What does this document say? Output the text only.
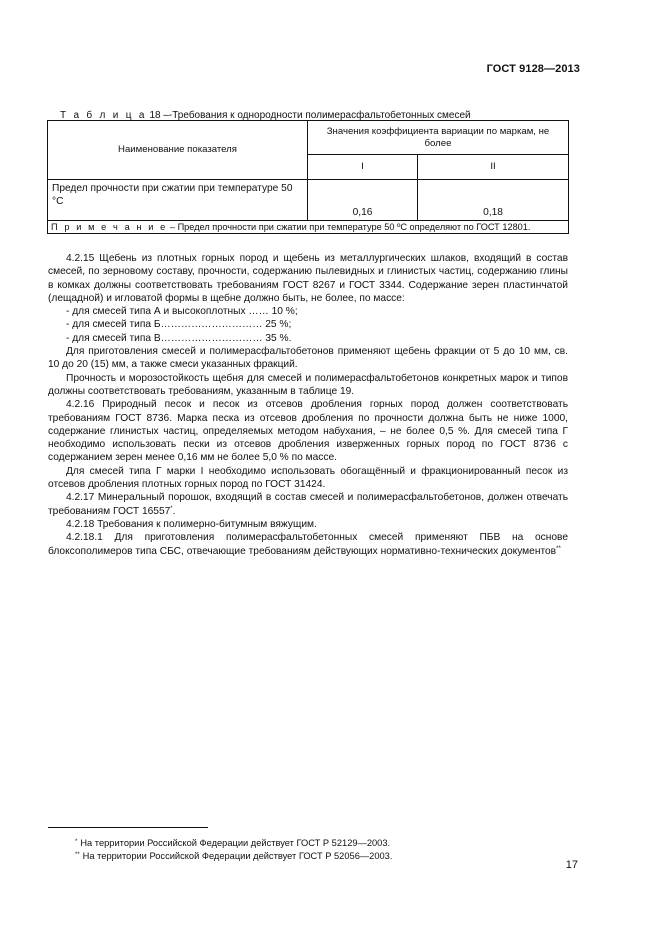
ГОСТ 9128—2013
Т а б л и ц а 18 –-Требования к однородности полимерасфальтобетонных смесей
Наименование показателя	Значения коэффициента вариации по маркам, не более	
	I	II
Предел прочности при сжатии при температуре 50 °С	0,16	0,18
П р и м е ч а н и е – Предел прочности при сжатии при температуре 50 ºС определяют по ГОСТ 12801.		

4.2.15 Щебень из плотных горных пород и щебень из металлургических шлаков, входящий в состав смесей, по зерновому составу, прочности, содержанию пылевидных и глинистых частиц, содержанию глины в комках должны соответствовать требованиям ГОСТ 8267 и ГОСТ 3344. Содержание зерен пластинчатой (лещадной) и игловатой формы в щебне должно быть, не более, по массе:

- для смесей типа А и высокоплотных …… 10 %;

- для смесей типа Б………………………… 25 %;

- для смесей типа В………………………… 35 %.

Для приготовления смесей и полимерасфальтобетонов применяют щебень фракции от 5 до 10 мм, св. 10 до 20 (15) мм, а также смеси указанных фракций.

Прочность и морозостойкость щебня для смесей и полимерасфальтобетонов конкретных марок и типов должны соответствовать требованиям, указанным в таблице 19.

4.2.16 Природный песок и песок из отсевов дробления горных пород должен соответствовать требованиям ГОСТ 8736. Марка песка из отсевов дробления по прочности должна быть не ниже 1000, содержание глинистых частиц, определяемых методом набухания, – не более 0,5 %. Для смесей типа Г необходимо использовать пески из отсевов дробления изверженных горных пород по ГОСТ 8736 с содержанием зерен менее 0,16 мм не более 5,0 % по массе.

Для смесей типа Г марки I необходимо использовать обогащённый и фракционированный песок из отсевов дробления плотных горных пород по ГОСТ 31424.

4.2.17 Минеральный порошок, входящий в состав смесей и полимерасфальтобетонов, должен отвечать требованиям ГОСТ 16557*.

4.2.18 Требования к полимерно-битумным вяжущим.

4.2.18.1 Для приготовления полимерасфальтобетонных смесей применяют ПБВ на основе блоксополимеров типа СБС, отвечающие требованиям действующих нормативно-технических документов**

* На территории Российской Федерации действует ГОСТ Р 52129—2003.
** На территории Российской Федерации действует ГОСТ Р 52056—2003.
17
